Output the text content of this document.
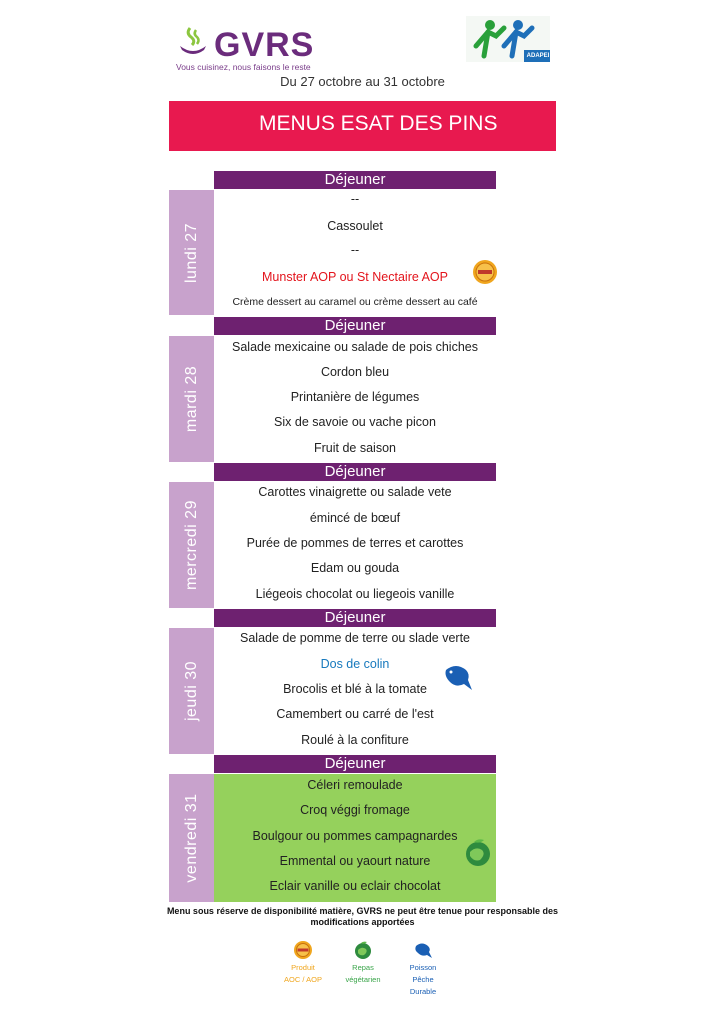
GVRS
Vous cuisinez, nous faisons le reste
ADAPEI 56
Du 27 octobre au 31 octobre
MENUS ESAT DES PINS
lundi 27
mardi 28
mercredi 29
jeudi 30
vendredi 31
Déjeuner
Déjeuner
Déjeuner
Déjeuner
Déjeuner
--
Cassoulet
--
Munster AOP ou St Nectaire AOP
Crème dessert au caramel ou crème dessert au café
Salade mexicaine ou salade de pois chiches
Cordon bleu
Printanière de légumes
Six de savoie ou vache picon
Fruit de saison
Carottes vinaigrette ou salade vete
émincé de bœuf
Purée de pommes de terres et carottes
Edam ou gouda
Liégeois chocolat ou liegeois vanille
Salade de pomme de terre ou slade verte
Dos de colin
Brocolis et blé à la tomate
Camembert ou carré de l'est
Roulé à la confiture
Céleri remoulade
Croq véggi fromage
Boulgour ou pommes campagnardes
Emmental ou yaourt nature
Eclair vanille ou eclair chocolat
Menu sous réserve de disponibilité matière, GVRS ne peut être tenue pour responsable des modifications apportées
Produit
AOC / AOP
Repas
végétarien
Poisson
Pêche
Durable
